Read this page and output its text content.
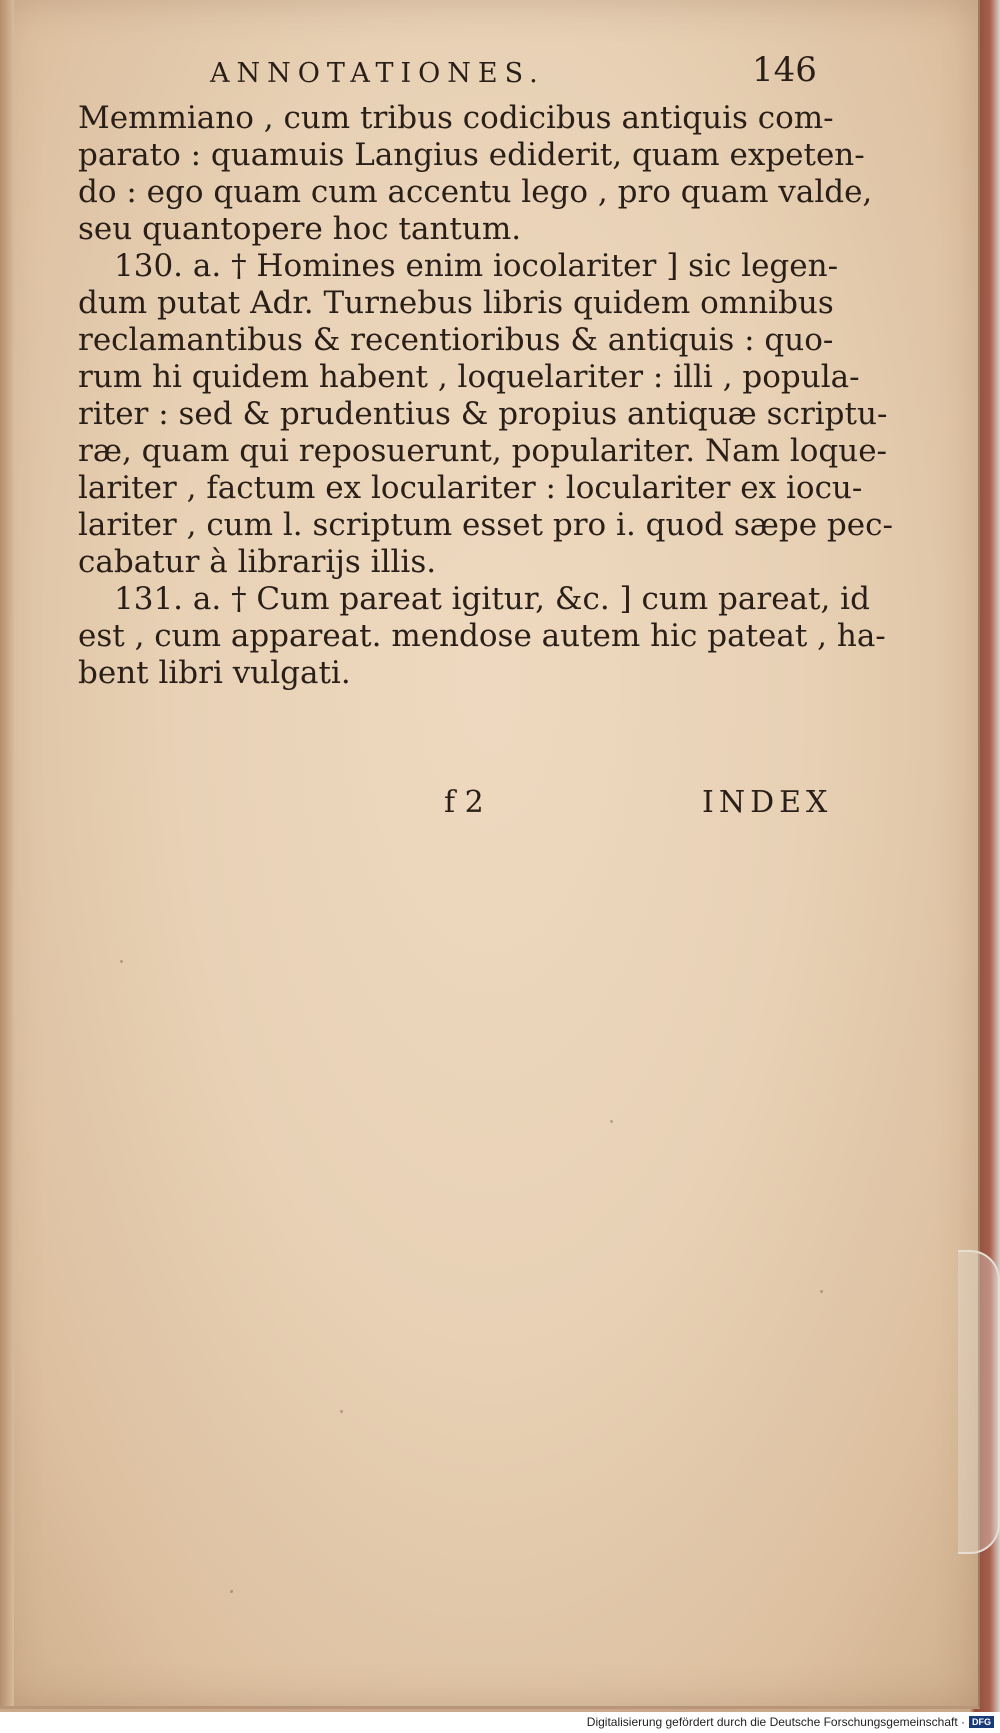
ANNOTATIONES.	146
Memmiano , cum tribus codicibus antiquis com-
parato : quamuis Langius ediderit, quam expeten-
do : ego quam cum accentu lego , pro quam valde,
seu quantopere hoc tantum.
130. a. † Homines enim iocolariter ] sic legen-
dum putat Adr. Turnebus libris quidem omnibus
reclamantibus & recentioribus & antiquis : quo-
rum hi quidem habent , loquelariter : illi , popula-
riter : sed & prudentius & propius antiquæ scriptu-
ræ, quam qui reposuerunt, populariter. Nam loque-
lariter , factum ex loculariter : loculariter ex iocu-
lariter , cum l. scriptum esset pro i. quod sæpe pec-
cabatur à librarijs illis.
131. a. † Cum pareat igitur, &c. ] cum pareat, id
est , cum appareat. mendose autem hic pateat , ha-
bent libri vulgati.
f 2	INDEX
Digitalisierung gefördert durch die Deutsche Forschungsgemeinschaft · DFG
